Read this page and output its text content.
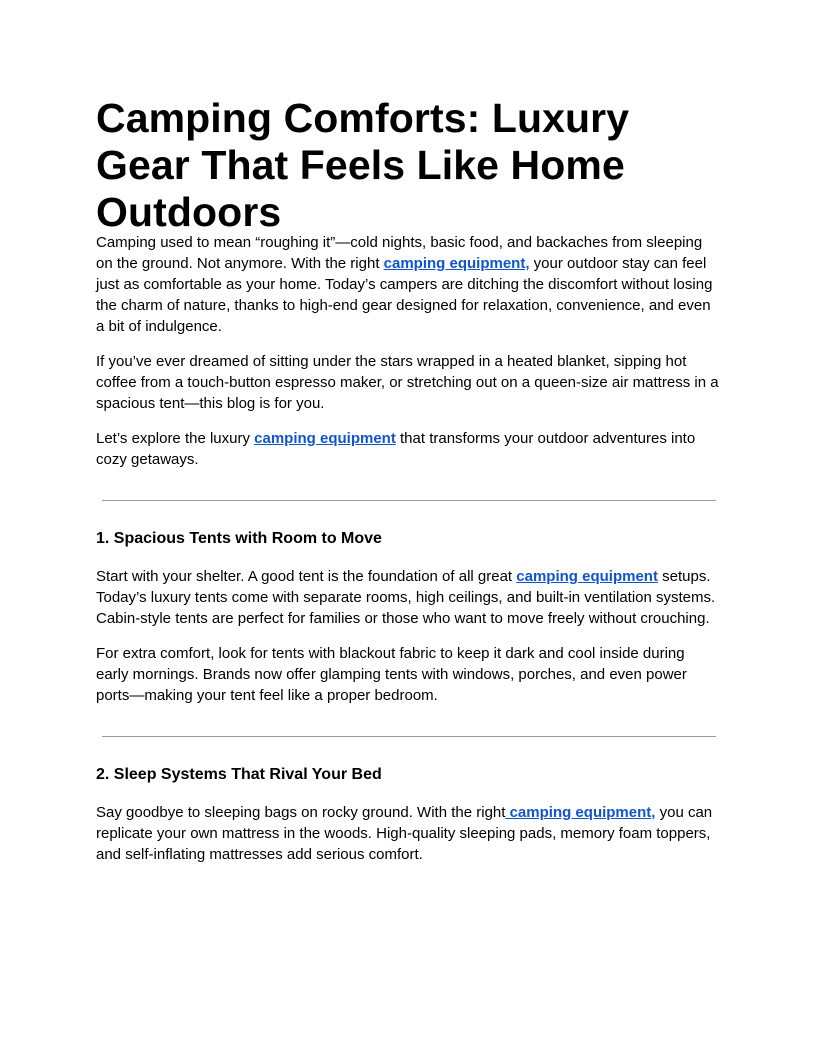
Camping Comforts: Luxury Gear That Feels Like Home Outdoors

Camping used to mean “roughing it”—cold nights, basic food, and backaches from sleeping on the ground. Not anymore. With the right camping equipment, your outdoor stay can feel just as comfortable as your home. Today’s campers are ditching the discomfort without losing the charm of nature, thanks to high-end gear designed for relaxation, convenience, and even a bit of indulgence.

If you’ve ever dreamed of sitting under the stars wrapped in a heated blanket, sipping hot coffee from a touch-button espresso maker, or stretching out on a queen-size air mattress in a spacious tent—this blog is for you.

Let’s explore the luxury camping equipment that transforms your outdoor adventures into cozy getaways.

1. Spacious Tents with Room to Move

Start with your shelter. A good tent is the foundation of all great camping equipment setups. Today’s luxury tents come with separate rooms, high ceilings, and built-in ventilation systems. Cabin-style tents are perfect for families or those who want to move freely without crouching.

For extra comfort, look for tents with blackout fabric to keep it dark and cool inside during early mornings. Brands now offer glamping tents with windows, porches, and even power ports—making your tent feel like a proper bedroom.

2. Sleep Systems That Rival Your Bed

Say goodbye to sleeping bags on rocky ground. With the right camping equipment, you can replicate your own mattress in the woods. High-quality sleeping pads, memory foam toppers, and self-inflating mattresses add serious comfort.
